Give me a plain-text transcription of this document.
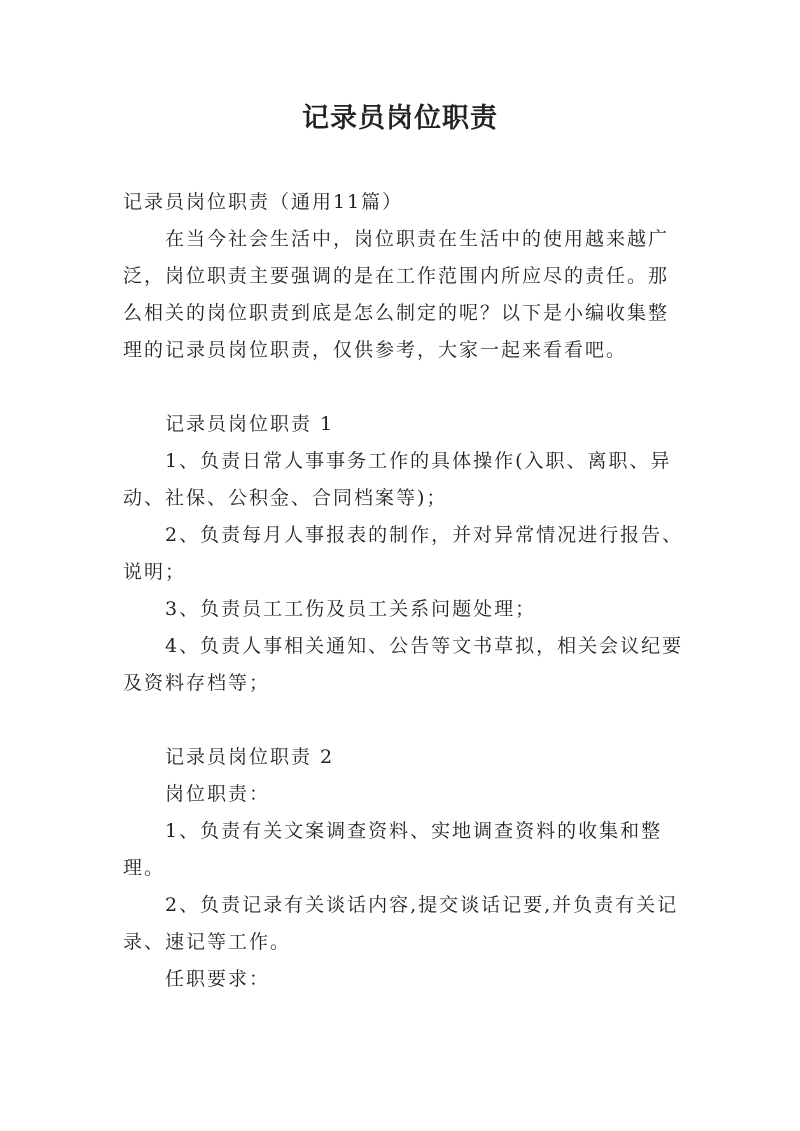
记录员岗位职责

记录员岗位职责（通用11篇）

在当今社会生活中，岗位职责在生活中的使用越来越广泛，岗位职责主要强调的是在工作范围内所应尽的责任。那么相关的岗位职责到底是怎么制定的呢？以下是小编收集整理的记录员岗位职责，仅供参考，大家一起来看看吧。

记录员岗位职责 1

1、负责日常人事事务工作的具体操作(入职、离职、异动、社保、公积金、合同档案等)；

2、负责每月人事报表的制作，并对异常情况进行报告、说明；

3、负责员工工伤及员工关系问题处理；

4、负责人事相关通知、公告等文书草拟，相关会议纪要及资料存档等；

记录员岗位职责 2

岗位职责：

1、负责有关文案调查资料、实地调查资料的收集和整理。

2、负责记录有关谈话内容,提交谈话记要,并负责有关记录、速记等工作。

任职要求：
